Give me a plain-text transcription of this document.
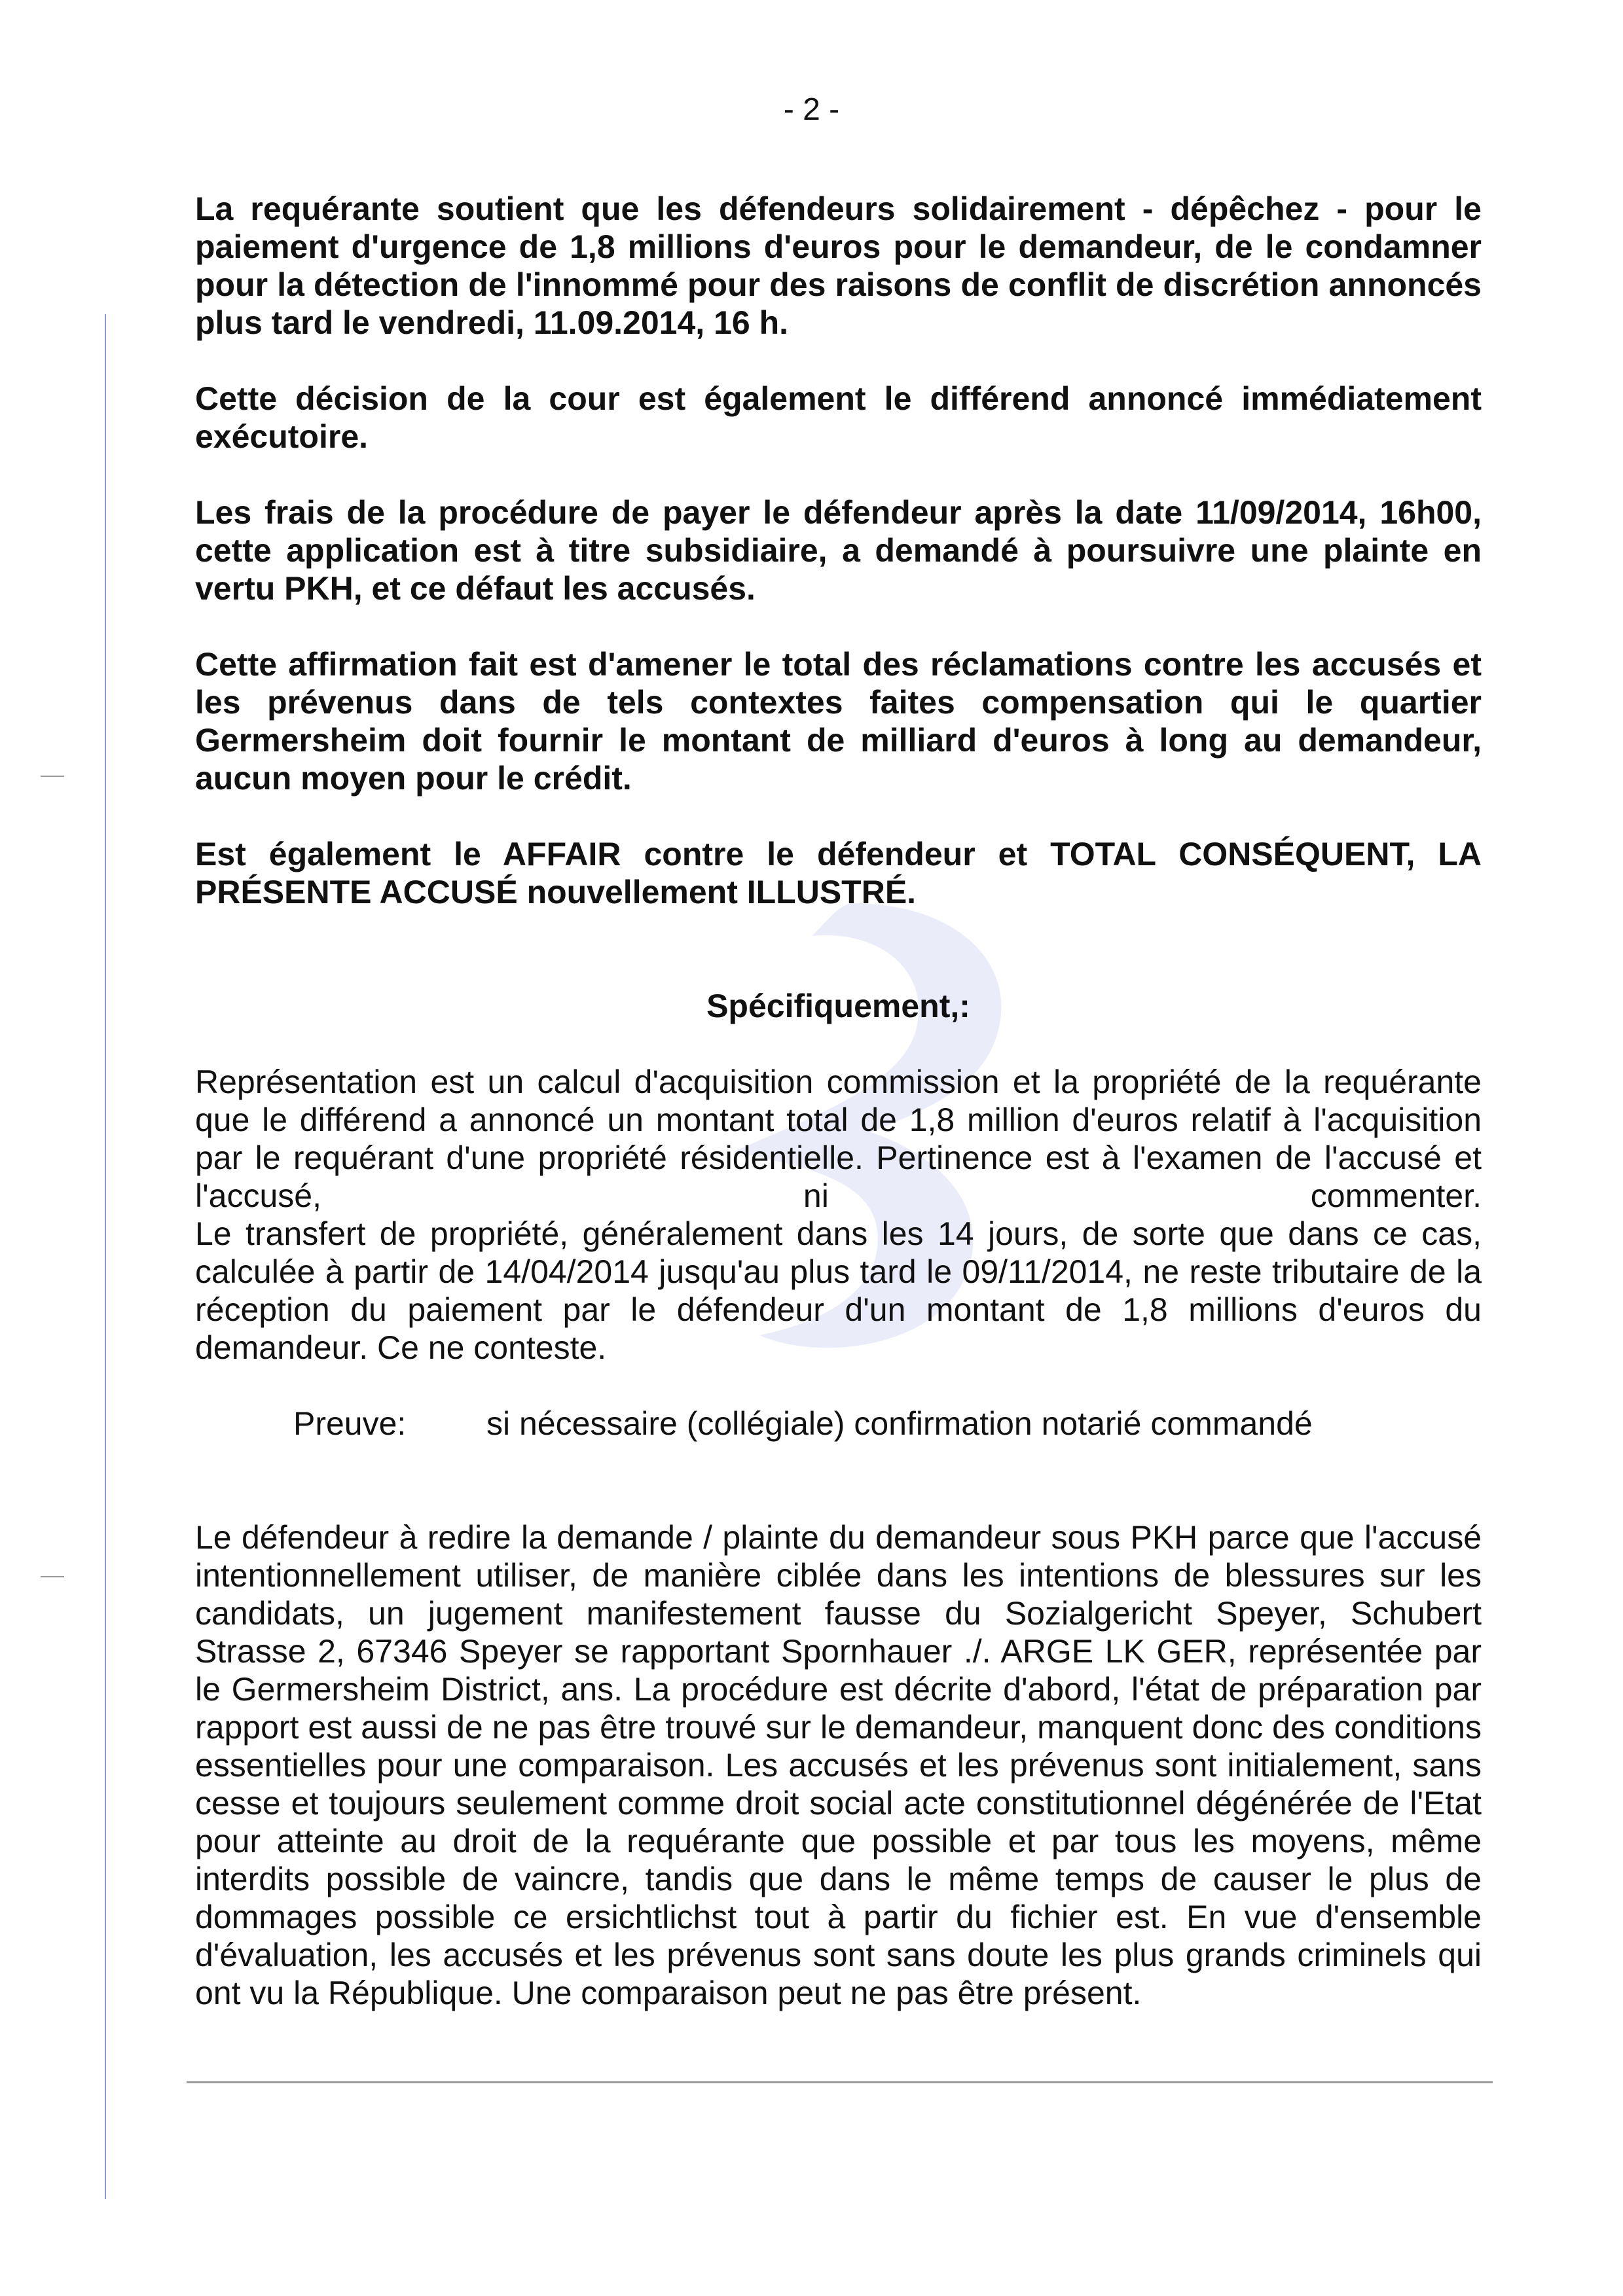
- 2 -

La requérante soutient que les défendeurs solidairement - dépêchez - pour le paiement d'urgence de 1,8 millions d'euros pour le demandeur, de le condamner pour la détection de l'innommé pour des raisons de conflit de discrétion annoncés plus tard le vendredi, 11.09.2014, 16 h.

Cette décision de la cour est également le différend annoncé immédiatement exécutoire.

Les frais de la procédure de payer le défendeur après la date 11/09/2014, 16h00, cette application est à titre subsidiaire, a demandé à poursuivre une plainte en vertu PKH, et ce défaut les accusés.

Cette affirmation fait est d'amener le total des réclamations contre les accusés et les prévenus dans de tels contextes faites compensation qui le quartier Germersheim doit fournir le montant de milliard d'euros à long au demandeur, aucun moyen pour le crédit.

Est également le AFFAIR contre le défendeur et TOTAL CONSÉQUENT, LA PRÉSENTE ACCUSÉ nouvellement ILLUSTRÉ.

Spécifiquement,:

Représentation est un calcul d'acquisition commission et la propriété de la requérante que le différend a annoncé un montant total de 1,8 million d'euros relatif à l'acquisition par le requérant d'une propriété résidentielle. Pertinence est à l'examen de l'accusé et l'accusé, ni commenter.

Le transfert de propriété, généralement dans les 14 jours, de sorte que dans ce cas, calculée à partir de 14/04/2014 jusqu'au plus tard le 09/11/2014, ne reste tributaire de la réception du paiement par le défendeur d'un montant de 1,8 millions d'euros du demandeur. Ce ne conteste.

Preuve:	si nécessaire (collégiale) confirmation notarié commandé

Le défendeur à redire la demande / plainte du demandeur sous PKH parce que l'accusé intentionnellement utiliser, de manière ciblée dans les intentions de blessures sur les candidats, un jugement manifestement fausse du Sozialgericht Speyer, Schubert Strasse 2, 67346 Speyer se rapportant Spornhauer ./. ARGE LK GER, représentée par le Germersheim District, ans. La procédure est décrite d'abord, l'état de préparation par rapport est aussi de ne pas être trouvé sur le demandeur, manquent donc des conditions essentielles pour une comparaison. Les accusés et les prévenus sont initialement, sans cesse et toujours seulement comme droit social acte constitutionnel dégénérée de l'Etat pour atteinte au droit de la requérante que possible et par tous les moyens, même interdits possible de vaincre, tandis que dans le même temps de causer le plus de dommages possible ce ersichtlichst tout à partir du fichier est. En vue d'ensemble d'évaluation, les accusés et les prévenus sont sans doute les plus grands criminels qui ont vu la République. Une comparaison peut ne pas être présent.
